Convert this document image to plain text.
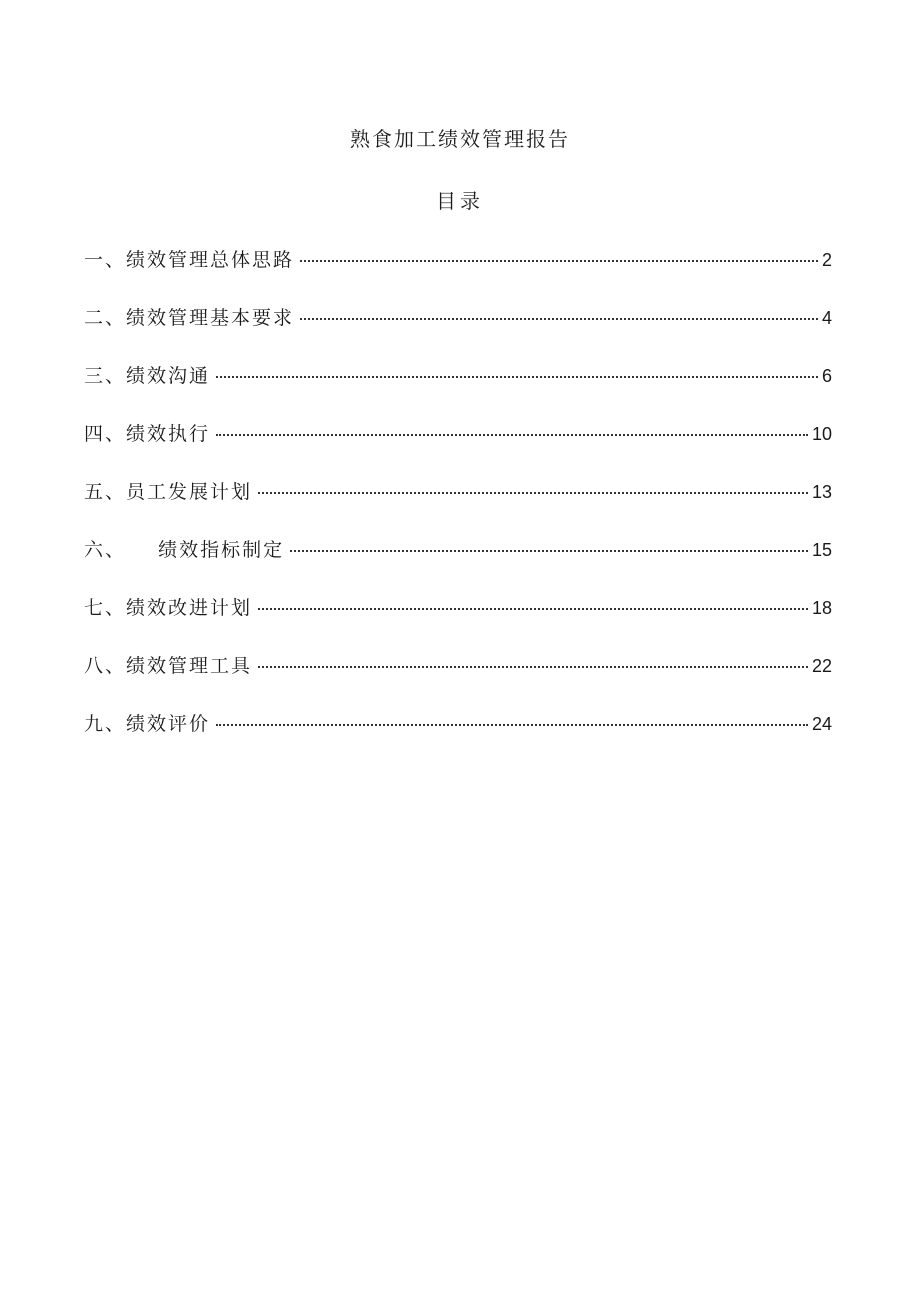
熟食加工绩效管理报告
目录
一、绩效管理总体思路	2
二、绩效管理基本要求	4
三、绩效沟通	6
四、绩效执行	10
五、员工发展计划	13
六、    绩效指标制定	15
七、绩效改进计划	18
八、绩效管理工具	22
九、绩效评价	24
